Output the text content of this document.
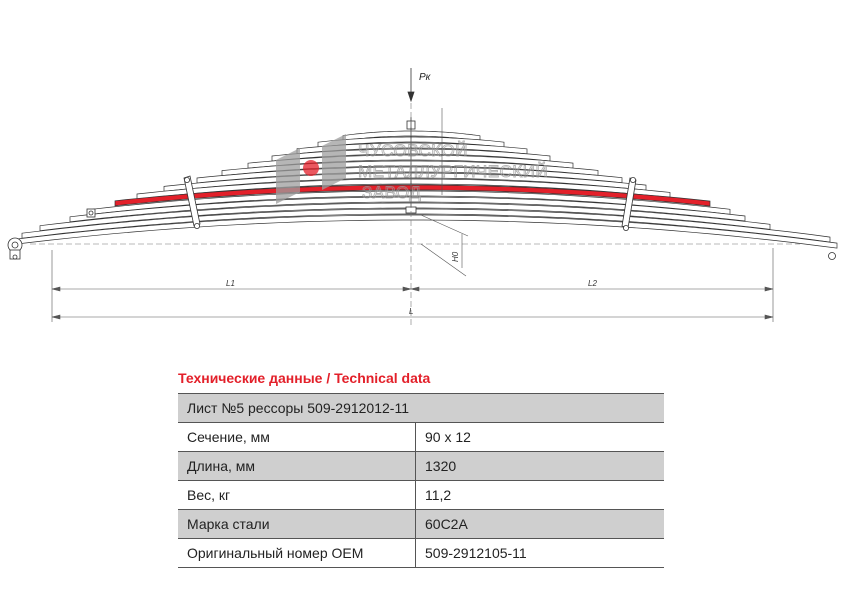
ЧУСОВСКОЙ
МЕТАЛЛУРГИЧЕСКИЙ
ЗАВОД
Pк
H0
L1	L2
L
Технические данные / Technical data
Лист №5 рессоры 509-2912012-11	
Сечение, мм	90 х 12
Длина, мм	1320
Вес, кг	11,2
Марка стали	60С2А
Оригинальный номер OEM	509-2912105-11
